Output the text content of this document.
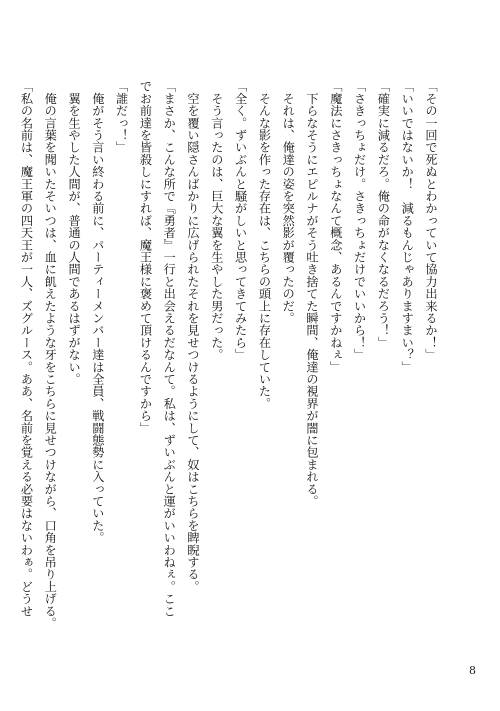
「その一回で死ぬとわかっていて協力出来るか！」
「いいではないか！　減るもんじゃありますまい？」
「確実に減るだろ。俺の命がなくなるだろう！」
「さきっちょだけ。さきっちょだけでいいから！」
「魔法にさきっちょなんて概念、あるんですかねぇ」
下らなそうにエピルナがそう吐き捨てた瞬間、俺達の視界が闇に包まれる。
それは、俺達の姿を突然影が覆ったのだ。
そんな影を作った存在は、こちらの頭上に存在していた。
「全く。ずいぶんと騒がしいと思ってきてみたら」
そう言ったのは、巨大な翼を生やした男だった。
空を覆い隠さんばかりに広げられたそれを見せつけるようにして、奴はこちらを睥睨する。
「まさか、こんな所で『勇者』一行と出会えるだなんて。私は、ずいぶんと運がいいわねぇ。ここ
でお前達を皆殺しにすれば、魔王様に褒めて頂けるんですから」
「誰だっ！」
俺がそう言い終わる前に、パーティーメンバー達は全員、戦闘態勢に入っていた。
翼を生やした人間が、普通の人間であるはずがない。
俺の言葉を聞いたそいつは、血に飢えたような牙をこちらに見せつけながら、口角を吊り上げる。
「私の名前は、魔王軍の四天王が一人、ズグルース。ああ、名前を覚える必要はないわぁ。どうせ
8
